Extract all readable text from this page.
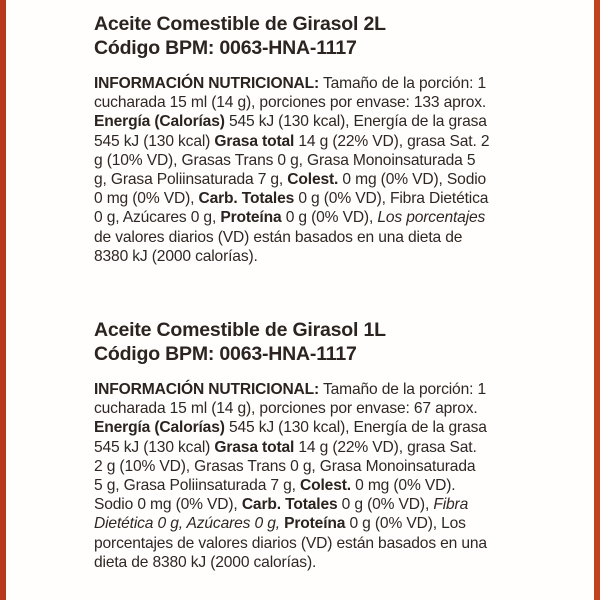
Aceite Comestible de Girasol 2L
Código BPM: 0063-HNA-1117
INFORMACIÓN NUTRICIONAL: Tamaño de la porción: 1
cucharada 15 ml (14 g), porciones por envase: 133 aprox.
Energía (Calorías) 545 kJ (130 kcal), Energía de la grasa
545 kJ (130 kcal) Grasa total 14 g (22% VD), grasa Sat. 2
g (10% VD), Grasas Trans 0 g, Grasa Monoinsaturada 5
g, Grasa Poliinsaturada 7 g, Colest. 0 mg (0% VD), Sodio
0 mg (0% VD), Carb. Totales 0 g (0% VD), Fibra Dietética
0 g, Azúcares 0 g, Proteína 0 g (0% VD), Los porcentajes
de valores diarios (VD) están basados en una dieta de
8380 kJ (2000 calorías).
Aceite Comestible de Girasol 1L
Código BPM: 0063-HNA-1117
INFORMACIÓN NUTRICIONAL: Tamaño de la porción: 1
cucharada 15 ml (14 g), porciones por envase: 67 aprox.
Energía (Calorías) 545 kJ (130 kcal), Energía de la grasa
545 kJ (130 kcal) Grasa total 14 g (22% VD), grasa Sat.
2 g (10% VD), Grasas Trans 0 g, Grasa Monoinsaturada
5 g, Grasa Poliinsaturada 7 g, Colest. 0 mg (0% VD).
Sodio 0 mg (0% VD), Carb. Totales 0 g (0% VD), Fibra
Dietética 0 g, Azúcares 0 g, Proteína 0 g (0% VD), Los
porcentajes de valores diarios (VD) están basados en una
dieta de 8380 kJ (2000 calorías).
